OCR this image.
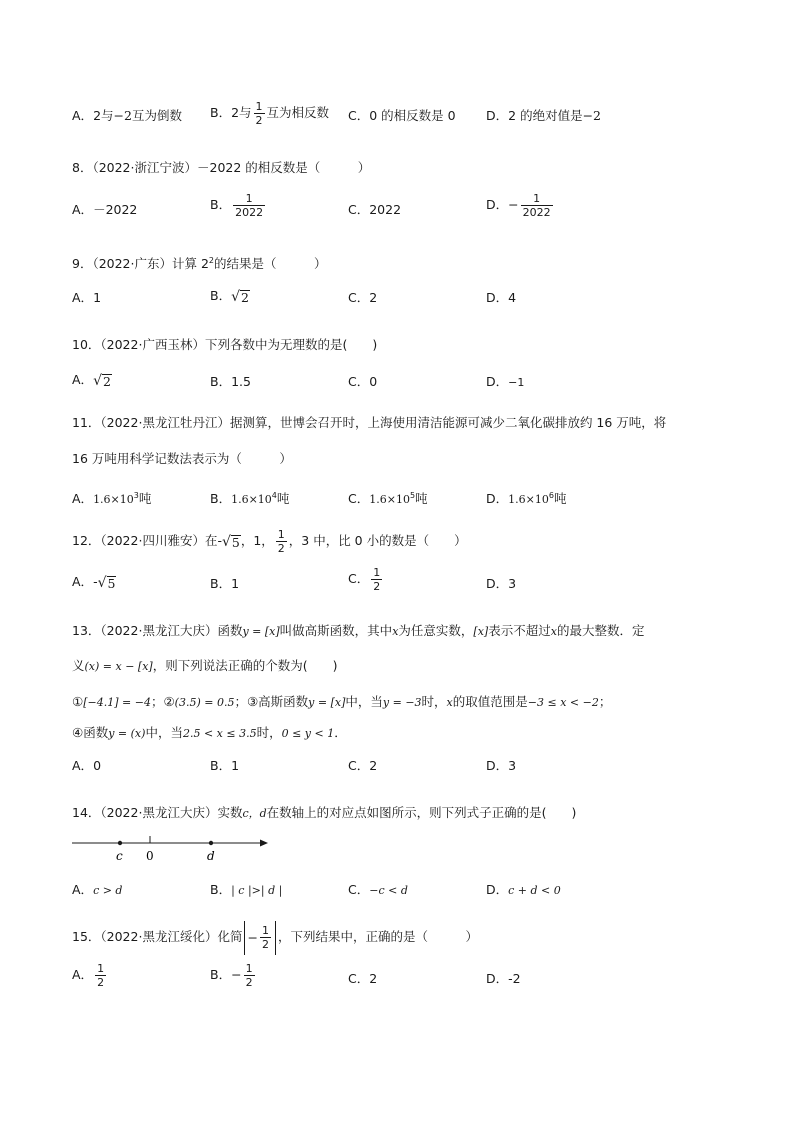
A．2与−2互为倒数 B．2与 $\frac{1}{2}$ 互为相反数 C．0 的相反数是 0 D．2 的绝对值是−2
8．（2022·浙江宁波）－2022 的相反数是（　　　）
A．－2022	B． $\frac{1}{2022}$	C．2022	D．− $\frac{1}{2022}$
9．（2022·广东）计算 $2^2$的结果是（　　　）
A．1	B． √ 2	C．2	D．4
10．（2022·广西玉林）下列各数中为无理数的是(　　)
A． √ 2	B．1.5	C．0	D．−1
11．（2022·黑龙江牡丹江）据测算，世博会召开时，上海使用清洁能源可减少二氧化碳排放约 16 万吨，将
16 万吨用科学记数法表示为（　　　）
A．$1.6\times 10^3$吨	B．$1.6\times 10^4$吨	C．$1.6\times 10^5$吨	D．$1.6\times 10^6$吨
12．（2022·四川雅安）在- √ 5 ，1， $\frac{1}{2}$ ，3 中，比 0 小的数是（　　）
A．- √ 5	B．1	C． $\frac{1}{2}$	D．3
13．（2022·黑龙江大庆）函数y = [x]叫做高斯函数，其中x为任意实数，[x]表示不超过x的最大整数．定
义(x) = x − [x]，则下列说法正确的个数为(　　)
①[−4.1] = −4；②(3.5) = 0.5；③高斯函数y = [x]中，当y = −3时，x的取值范围是−3 ≤ x < −2；
④函数y = (x)中，当2.5 < x ≤ 3.5时，0 ≤ y < 1．
A．0	B．1	C．2	D．3
14．（2022·黑龙江大庆）实数c，d在数轴上的对应点如图所示，则下列式子正确的是(　　)
c 0	d
A．c > d	B．| c |>| d |	C．−c < d	D．c + d < 0
15．（2022·黑龙江绥化）化简 − $\frac{1}{2}$ ，下列结果中，正确的是（　　　）
A． $\frac{1}{2}$	B．− $\frac{1}{2}$	C．2	D．-2
